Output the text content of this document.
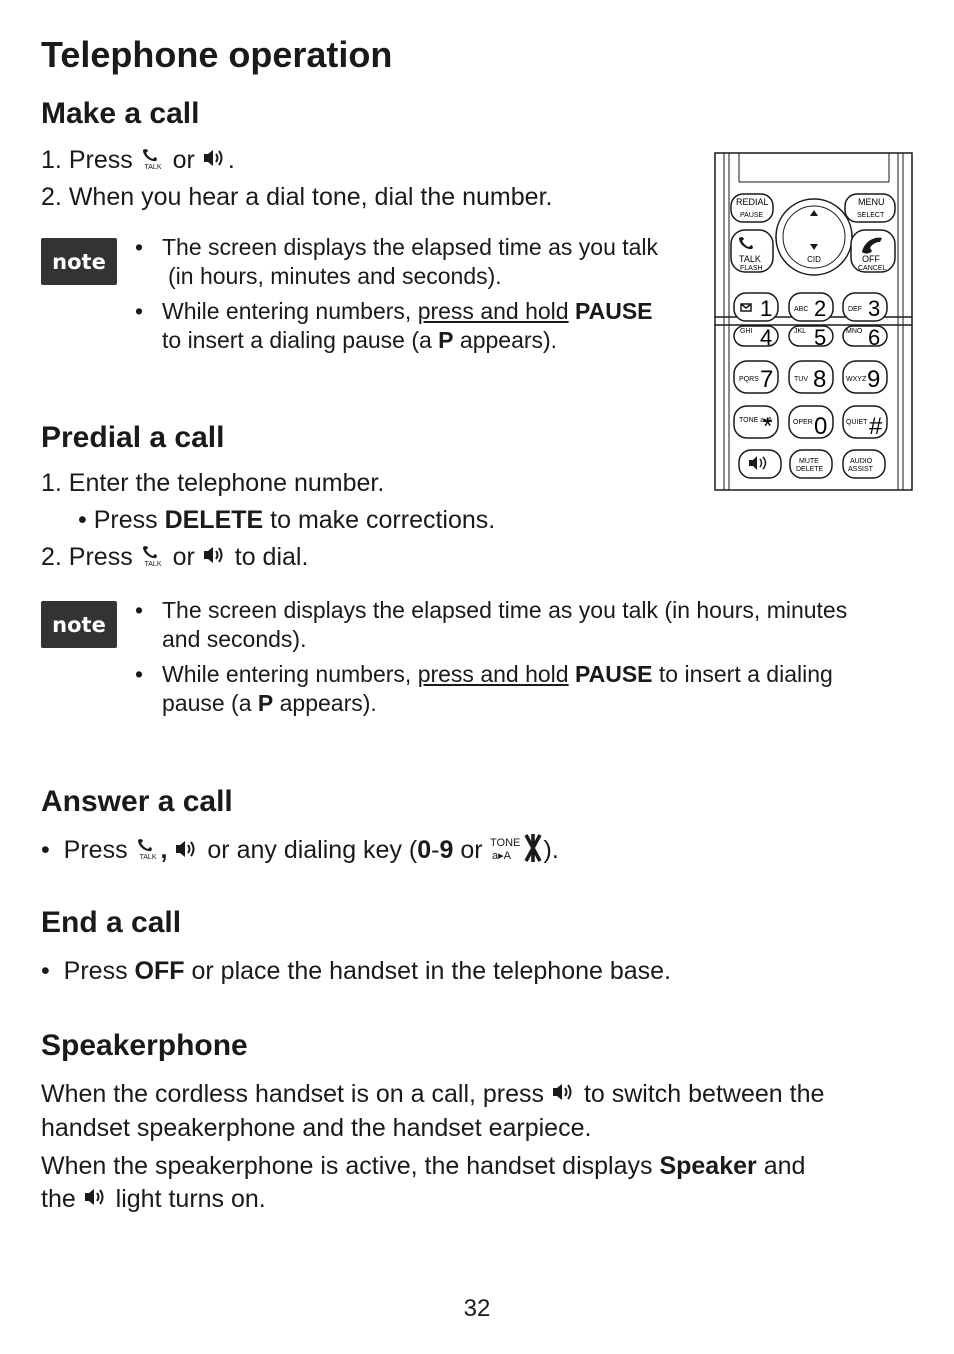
Telephone operation
Make a call
1. Press TALK or .
2. When you hear a dial tone, dial the number.
note
• The screen displays the elapsed time as you talk
(in hours, minutes and seconds).
• While entering numbers, press and hold PAUSE
to insert a dialing pause (a P appears).
CID
REDIAL
PAUSE
MENU
SELECT
TALK
FLASH
OFF
CANCEL
1	ABC 2	DEF 3
GHI 4	JKL 5	MNO 6
PQRS 7	TUV 8	WXYZ 9
TONE a▸A
*	OPER 0	QUIET #
MUTE
DELETE
AUDIO
ASSIST
Predial a call
1. Enter the telephone number.
• Press DELETE to make corrections.
2. Press TALK or to dial.
note
• The screen displays the elapsed time as you talk (in hours, minutes
and seconds).
• While entering numbers, press and hold PAUSE to insert a dialing
pause (a P appears).
Answer a call
• Press TALK , or any dialing key (0-9 or TONE
a▸A ).
End a call
• Press OFF or place the handset in the telephone base.
Speakerphone
When the cordless handset is on a call, press to switch between the
handset speakerphone and the handset earpiece.
When the speakerphone is active, the handset displays Speaker and
the light turns on.
32
